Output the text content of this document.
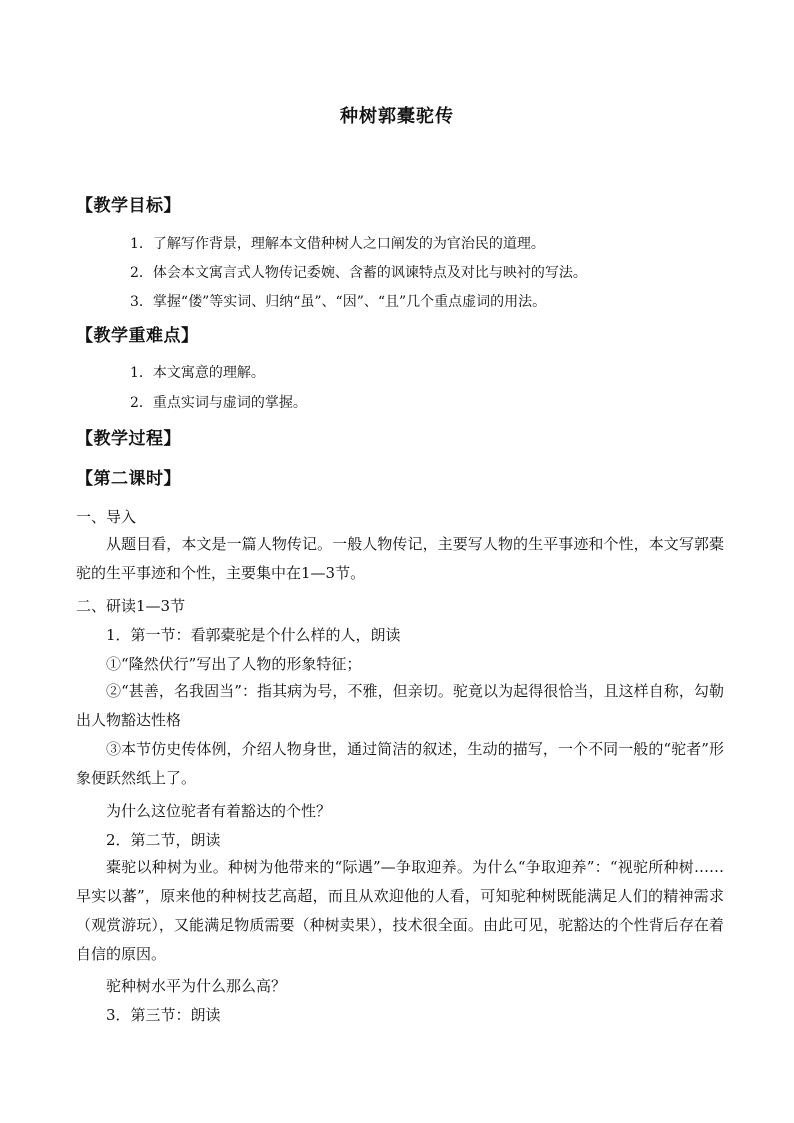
种树郭橐驼传
【教学目标】
1．了解写作背景，理解本文借种树人之口阐发的为官治民的道理。
2．体会本文寓言式人物传记委婉、含蓄的讽谏特点及对比与映衬的写法。
3．掌握“偻”等实词、归纳“虽”、“因”、“且”几个重点虚词的用法。
【教学重难点】
1．本文寓意的理解。
2．重点实词与虚词的掌握。
【教学过程】
【第二课时】
一、导入

从题目看，本文是一篇人物传记。一般人物传记，主要写人物的生平事迹和个性，本文写郭橐驼的生平事迹和个性，主要集中在1—3节。

二、研读1—3节
1．第一节：看郭橐驼是个什么样的人，朗读
①“隆然伏行”写出了人物的形象特征；

②“甚善，名我固当”：指其病为号，不雅，但亲切。驼竟以为起得很恰当，且这样自称，勾勒出人物豁达性格

③本节仿史传体例，介绍人物身世，通过简洁的叙述，生动的描写，一个不同一般的“驼者”形象便跃然纸上了。

为什么这位驼者有着豁达的个性？
2．第二节，朗读

橐驼以种树为业。种树为他带来的“际遇”—争取迎养。为什么“争取迎养”：“视驼所种树……早实以蕃”，原来他的种树技艺高超，而且从欢迎他的人看，可知驼种树既能满足人们的精神需求（观赏游玩），又能满足物质需要（种树卖果），技术很全面。由此可见，驼豁达的个性背后存在着自信的原因。

驼种树水平为什么那么高？
3．第三节：朗读
